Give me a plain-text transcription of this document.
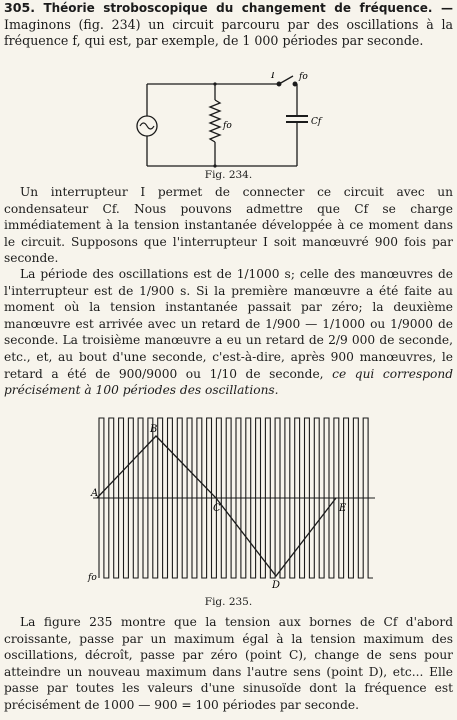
305. Théorie stroboscopique du changement de fréquence. — Imaginons (fig. 234) un circuit parcouru par des oscillations à la fréquence f, qui est, par exemple, de 1 000 périodes par seconde.

I	fo
fo	Cf
Fig. 234.

Un interrupteur I permet de connecter ce circuit avec un condensateur Cf. Nous pouvons admettre que Cf se charge immédiatement à la tension instantanée développée à ce moment dans le circuit. Supposons que l'interrupteur I soit manœuvré 900 fois par seconde.

La période des oscillations est de 1/1000 s; celle des manœuvres de l'interrupteur est de 1/900 s. Si la première manœuvre a été faite au moment où la tension instantanée passait par zéro; la deuxième manœuvre est arrivée avec un retard de 1/900 — 1/1000 ou 1/9000 de seconde. La troisième manœuvre a eu un retard de 2/9 000 de seconde, etc., et, au bout d'une seconde, c'est-à-dire, après 900 manœuvres, le retard a été de 900/9000 ou 1/10 de seconde, ce qui correspond précisément à 100 périodes des oscillations.

A
B
C
D
E
fo
Fig. 235.

La figure 235 montre que la tension aux bornes de Cf d'abord croissante, passe par un maximum égal à la tension maximum des oscillations, décroît, passe par zéro (point C), change de sens pour atteindre un nouveau maximum dans l'autre sens (point D), etc... Elle passe par toutes les valeurs d'une sinusoïde dont la fréquence est précisément de 1000 — 900 = 100 périodes par seconde.
